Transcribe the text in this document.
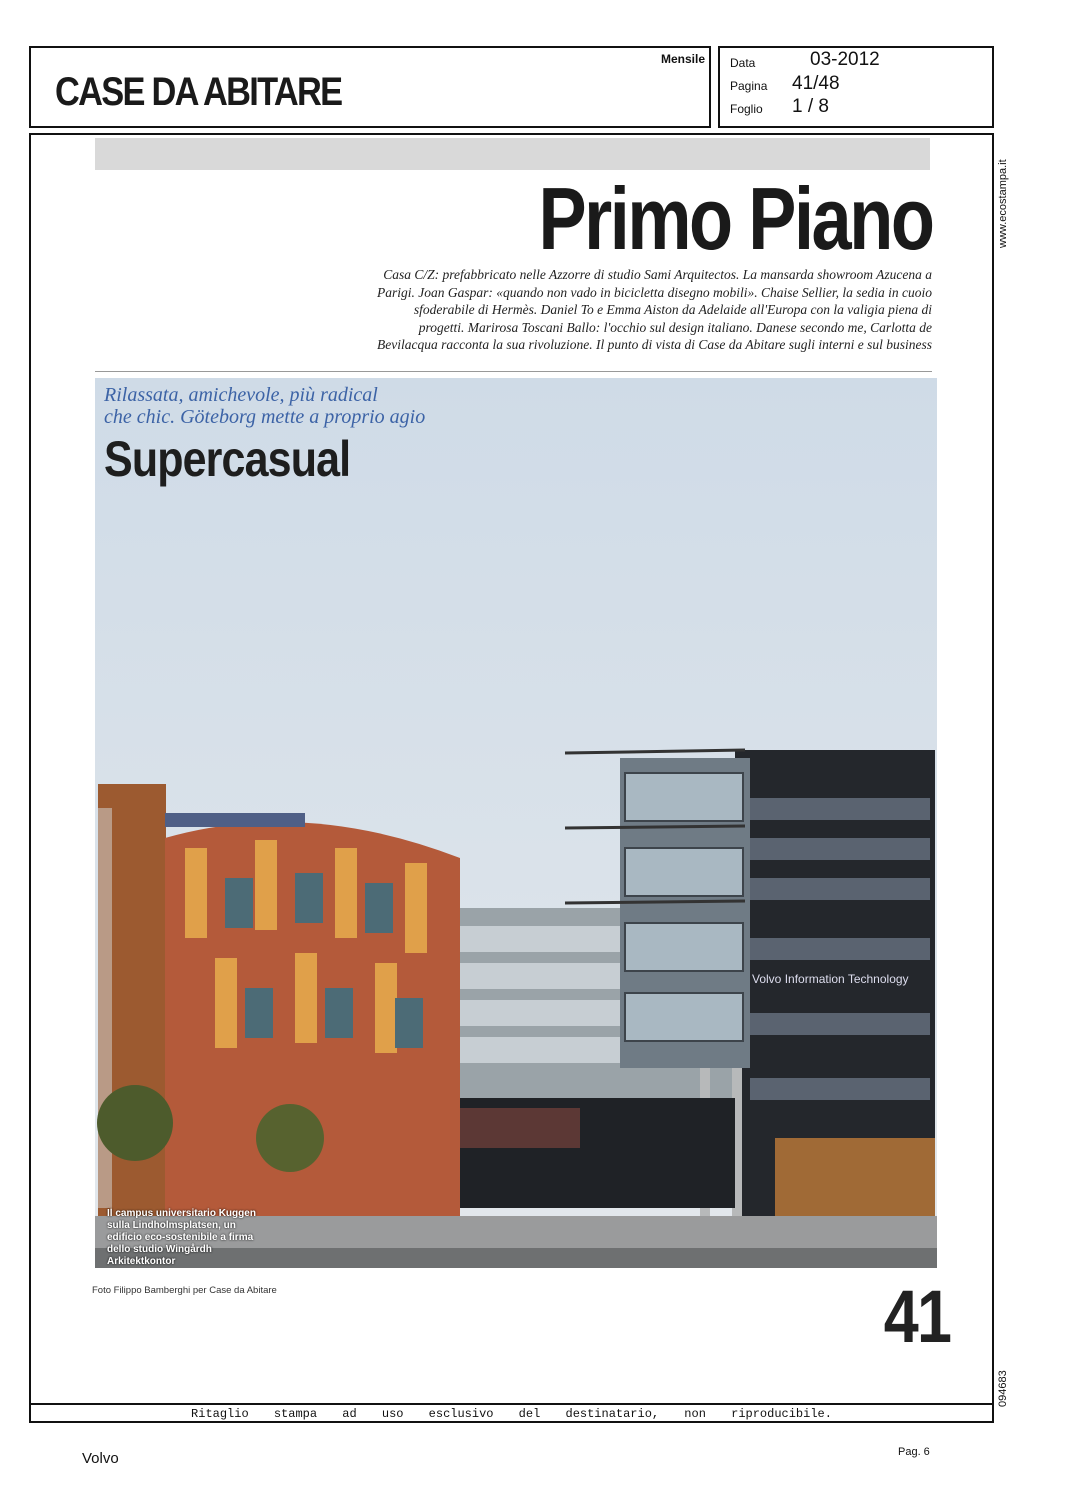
CASE DA ABITARE
Mensile Data	03-2012
Pagina 41/48
Foglio 1 / 8
www.ecostampa.it
094683
Primo Piano
Casa C/Z: prefabbricato nelle Azzorre di studio Sami Arquitectos. La mansarda showroom Azucena a Parigi. Joan Gaspar: «quando non vado in bicicletta disegno mobili». Chaise Sellier, la sedia in cuoio sfoderabile di Hermès. Daniel To e Emma Aiston da Adelaide all'Europa con la valigia piena di progetti. Marirosa Toscani Ballo: l'occhio sul design italiano. Danese secondo me, Carlotta de Bevilacqua racconta la sua rivoluzione. Il punto di vista di Case da Abitare sugli interni e sul business
Rilassata, amichevole, più radical
che chic. Göteborg mette a proprio agio
Supercasual
Volvo Information Technology
Il campus universitario Kuggen sulla Lindholmsplatsen, un edificio eco-sostenibile a firma dello studio Wingårdh Arkitektkontor
Foto Filippo Bamberghi per Case da Abitare	41
Ritaglio stampa ad uso esclusivo del destinatario, non riproducibile.
Volvo	Pag. 6
